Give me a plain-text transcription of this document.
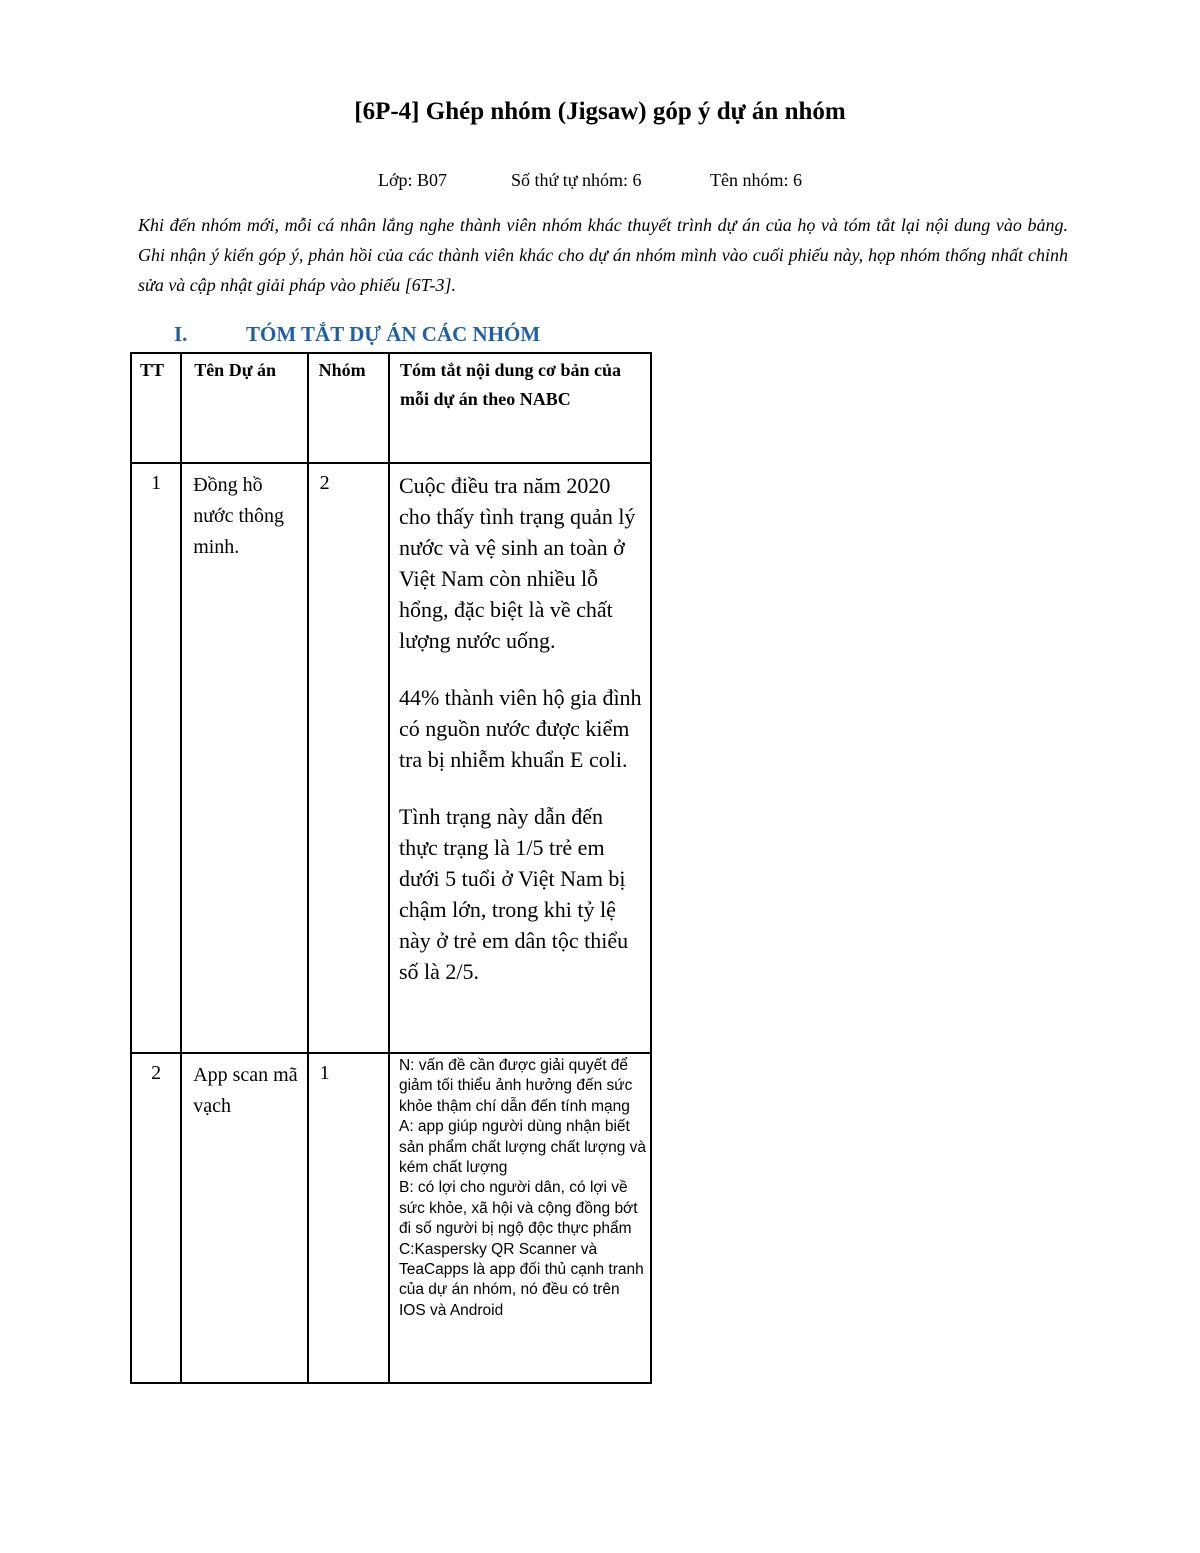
[6P-4] Ghép nhóm (Jigsaw) góp ý dự án nhóm
Lớp: B07	Số thứ tự nhóm: 6	Tên nhóm: 6
Khi đến nhóm mới, mỗi cá nhân lắng nghe thành viên nhóm khác thuyết trình dự án của họ và tóm tắt lại nội dung vào bảng. Ghi nhận ý kiến góp ý, phản hồi của các thành viên khác cho dự án nhóm mình vào cuối phiếu này, họp nhóm thống nhất chỉnh sửa và cập nhật giải pháp vào phiếu [6T-3].
I.	TÓM TẮT DỰ ÁN CÁC NHÓM
TT	Tên Dự án	Nhóm	Tóm tắt nội dung cơ bản của mỗi dự án theo NABC

1	Đồng hồ nước thông minh.	2	Cuộc điều tra năm 2020 cho thấy tình trạng quản lý nước và vệ sinh an toàn ở Việt Nam còn nhiều lỗ hổng, đặc biệt là về chất lượng nước uống.

44% thành viên hộ gia đình có nguồn nước được kiểm tra bị nhiễm khuẩn E coli.

Tình trạng này dẫn đến thực trạng là 1/5 trẻ em dưới 5 tuổi ở Việt Nam bị chậm lớn, trong khi tỷ lệ này ở trẻ em dân tộc thiểu số là 2/5.

2	App scan mã vạch	1	N: vấn đề cần được giải quyết để giảm tối thiểu ảnh hưởng đến sức khỏe thậm chí dẫn đến tính mạng
A: app giúp người dùng nhận biết sản phẩm chất lượng chất lượng và kém chất lượng
B: có lợi cho người dân, có lợi về sức khỏe, xã hội và cộng đồng bớt đi số người bị ngộ độc thực phẩm
C:Kaspersky QR Scanner và TeaCapps là app đối thủ cạnh tranh của dự án nhóm, nó đều có trên IOS và Android
